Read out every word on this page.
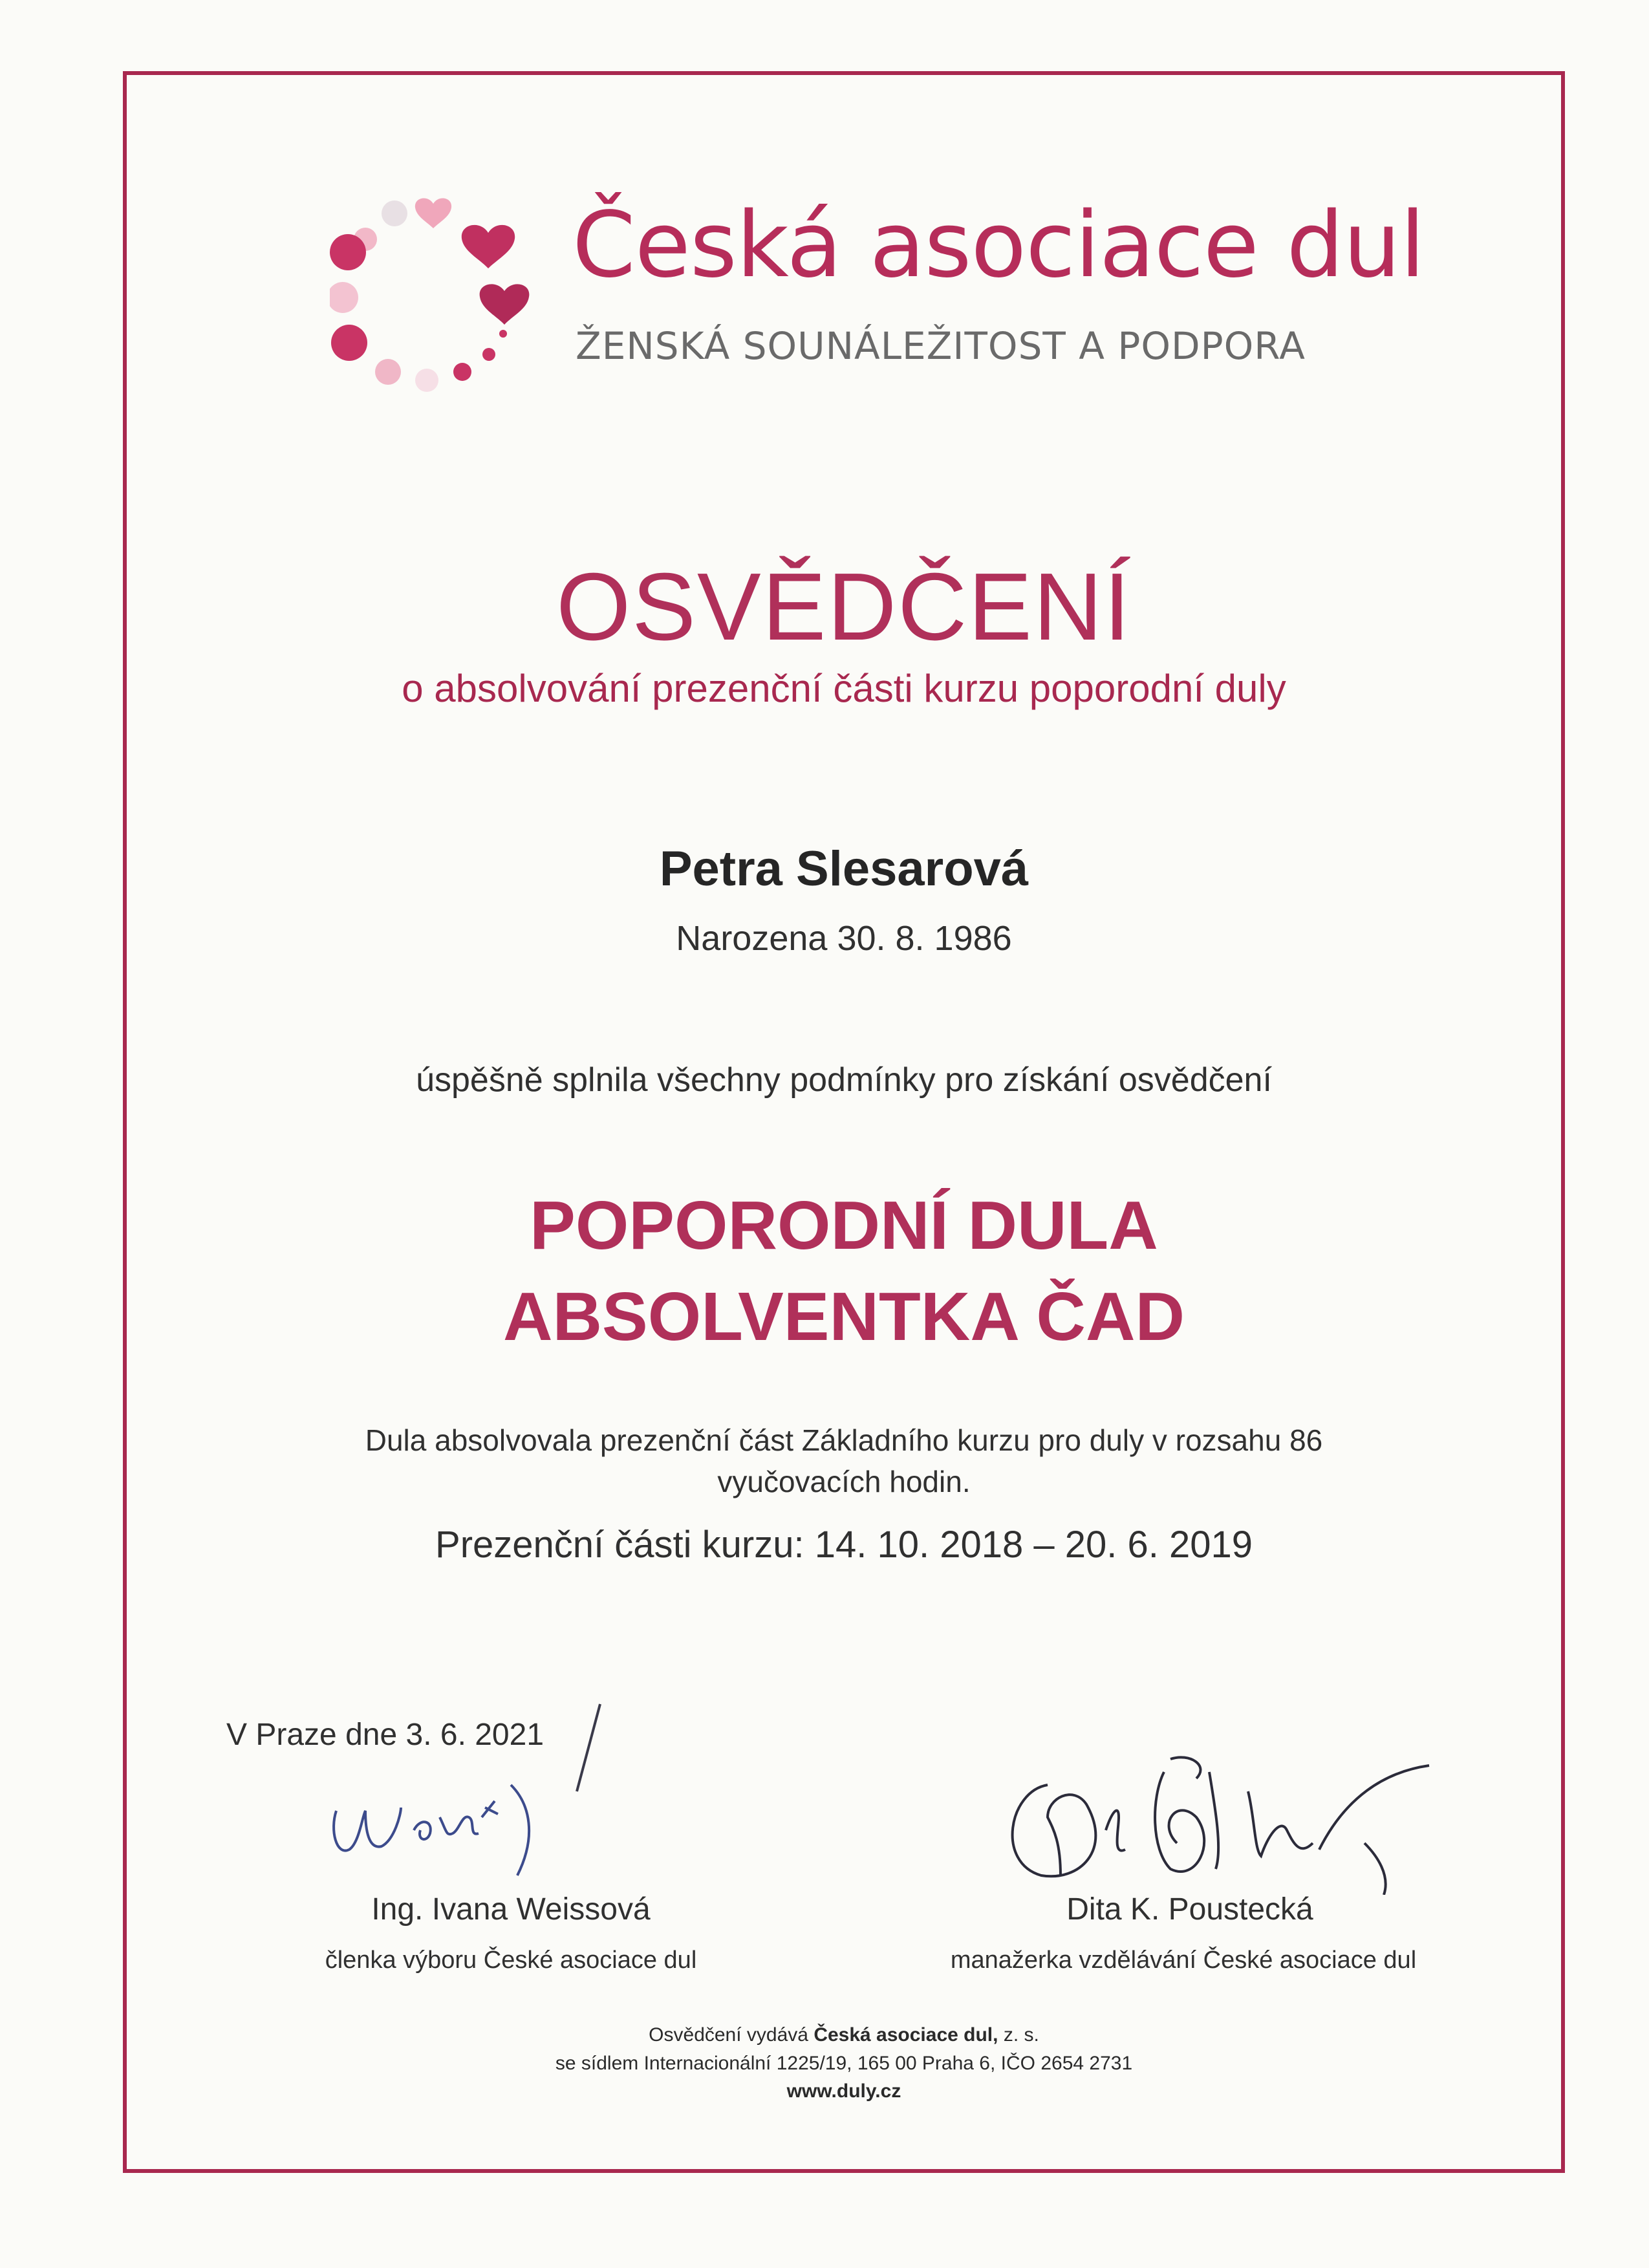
Česká asociace dul
ŽENSKÁ SOUNÁLEŽITOST A PODPORA
OSVĚDČENÍ
o absolvování prezenční části kurzu poporodní duly
Petra Slesarová
Narozena 30. 8. 1986
úspěšně splnila všechny podmínky pro získání osvědčení
POPORODNÍ DULA
ABSOLVENTKA ČAD
Dula absolvovala prezenční část Základního kurzu pro duly v rozsahu 86
vyučovacích hodin.
Prezenční části kurzu: 14. 10. 2018 – 20. 6. 2019
V Praze dne 3. 6. 2021
Ing. Ivana Weissová
členka výboru České asociace dul
Dita K. Poustecká
manažerka vzdělávání České asociace dul
Osvědčení vydává Česká asociace dul, z. s.
se sídlem Internacionální 1225/19, 165 00 Praha 6, IČO 2654 2731
www.duly.cz
